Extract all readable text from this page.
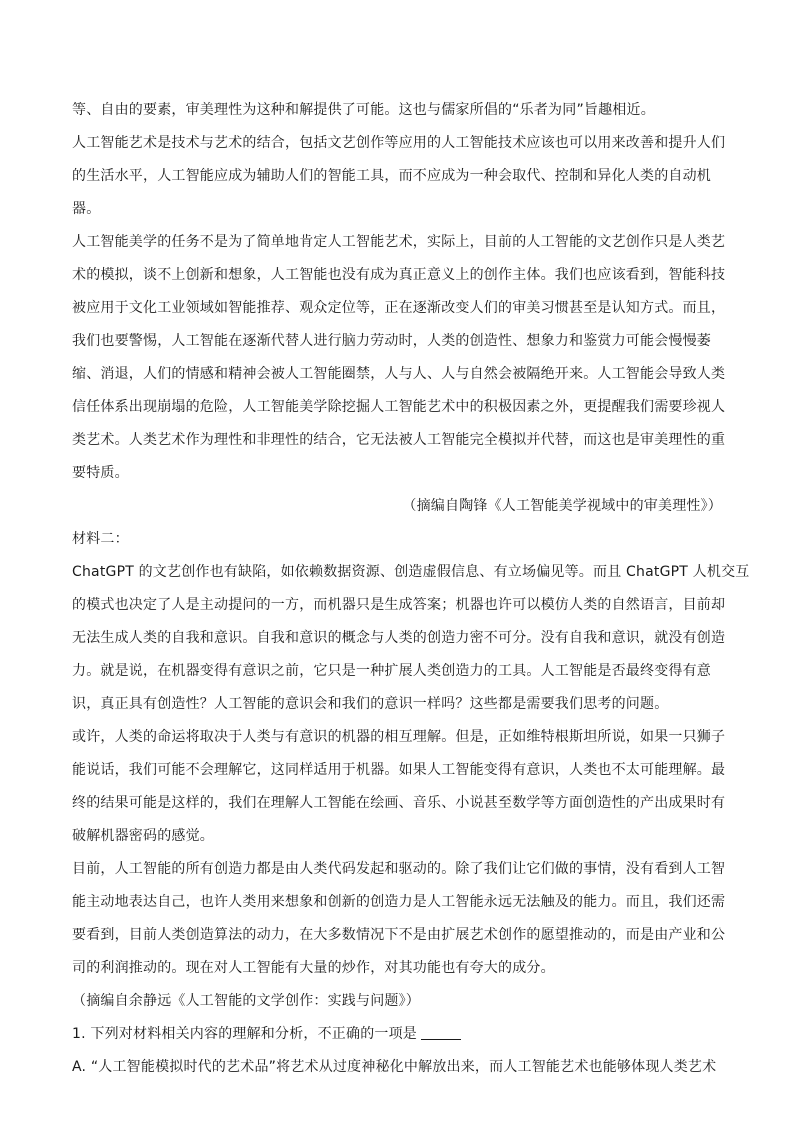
等、自由的要素，审美理性为这种和解提供了可能。这也与儒家所倡的“乐者为同”旨趣相近。
人工智能艺术是技术与艺术的结合，包括文艺创作等应用的人工智能技术应该也可以用来改善和提升人们
的生活水平，人工智能应成为辅助人们的智能工具，而不应成为一种会取代、控制和异化人类的自动机
器。
人工智能美学的任务不是为了简单地肯定人工智能艺术，实际上，目前的人工智能的文艺创作只是人类艺
术的模拟，谈不上创新和想象，人工智能也没有成为真正意义上的创作主体。我们也应该看到，智能科技
被应用于文化工业领域如智能推荐、观众定位等，正在逐渐改变人们的审美习惯甚至是认知方式。而且，
我们也要警惕，人工智能在逐渐代替人进行脑力劳动时，人类的创造性、想象力和鉴赏力可能会慢慢萎
缩、消退，人们的情感和精神会被人工智能圈禁，人与人、人与自然会被隔绝开来。人工智能会导致人类
信任体系出现崩塌的危险，人工智能美学除挖掘人工智能艺术中的积极因素之外，更提醒我们需要珍视人
类艺术。人类艺术作为理性和非理性的结合，它无法被人工智能完全模拟并代替，而这也是审美理性的重
要特质。
（摘编自陶锋《人工智能美学视域中的审美理性》）
材料二：
ChatGPT 的文艺创作也有缺陷，如依赖数据资源、创造虚假信息、有立场偏见等。而且 ChatGPT 人机交互
的模式也决定了人是主动提问的一方，而机器只是生成答案；机器也许可以模仿人类的自然语言，目前却
无法生成人类的自我和意识。自我和意识的概念与人类的创造力密不可分。没有自我和意识，就没有创造
力。就是说，在机器变得有意识之前，它只是一种扩展人类创造力的工具。人工智能是否最终变得有意
识，真正具有创造性？人工智能的意识会和我们的意识一样吗？这些都是需要我们思考的问题。
或许，人类的命运将取决于人类与有意识的机器的相互理解。但是，正如维特根斯坦所说，如果一只狮子
能说话，我们可能不会理解它，这同样适用于机器。如果人工智能变得有意识，人类也不太可能理解。最
终的结果可能是这样的，我们在理解人工智能在绘画、音乐、小说甚至数学等方面创造性的产出成果时有
破解机器密码的感觉。
目前，人工智能的所有创造力都是由人类代码发起和驱动的。除了我们让它们做的事情，没有看到人工智
能主动地表达自己，也许人类用来想象和创新的创造力是人工智能永远无法触及的能力。而且，我们还需
要看到，目前人类创造算法的动力，在大多数情况下不是由扩展艺术创作的愿望推动的，而是由产业和公
司的利润推动的。现在对人工智能有大量的炒作，对其功能也有夸大的成分。
（摘编自余静远《人工智能的文学创作：实践与问题》）
1. 下列对材料相关内容的理解和分析，不正确的一项是
A. “人工智能模拟时代的艺术品”将艺术从过度神秘化中解放出来，而人工智能艺术也能够体现人类艺术
